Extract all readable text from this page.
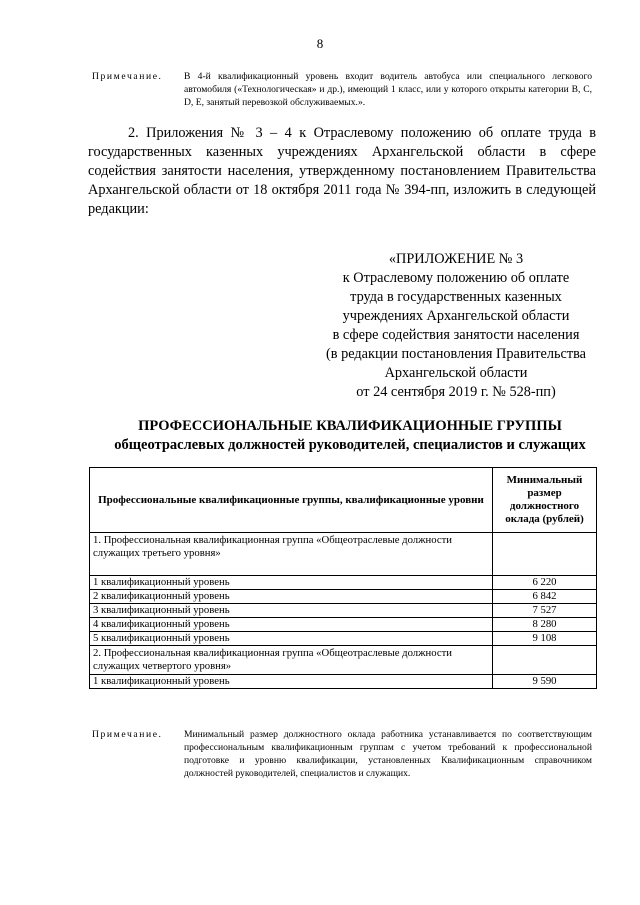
8
Примечание. В 4-й квалификационный уровень входит водитель автобуса или специального легкового автомобиля («Технологическая» и др.), имеющий 1 класс, или у которого открыты категории B, C, D, E, занятый перевозкой обслуживаемых.».
2. Приложения № 3 – 4 к Отраслевому положению об оплате труда в государственных казенных учреждениях Архангельской области в сфере содействия занятости населения, утвержденному постановлением Правительства Архангельской области от 18 октября 2011 года № 394-пп, изложить в следующей редакции:
«ПРИЛОЖЕНИЕ № 3
к Отраслевому положению об оплате
труда в государственных казенных
учреждениях Архангельской области
в сфере содействия занятости населения
(в редакции постановления Правительства
Архангельской области
от 24 сентября 2019 г. № 528-пп)
ПРОФЕССИОНАЛЬНЫЕ КВАЛИФИКАЦИОННЫЕ ГРУППЫ
общеотраслевых должностей руководителей, специалистов и служащих
Профессиональные квалификационные группы, квалификационные уровни	Минимальный размер должностного оклада (рублей)
1. Профессиональная квалификационная группа «Общеотраслевые должности служащих третьего уровня»	
1 квалификационный уровень	6 220
2 квалификационный уровень	6 842
3 квалификационный уровень	7 527
4 квалификационный уровень	8 280
5 квалификационный уровень	9 108
2. Профессиональная квалификационная группа «Общеотраслевые должности служащих четвертого уровня»	
1 квалификационный уровень	9 590
Примечание. Минимальный размер должностного оклада работника устанавливается по соответствующим профессиональным квалификационным группам с учетом требований к профессиональной подготовке и уровню квалификации, установленных Квалификационным справочником должностей руководителей, специалистов и служащих.
